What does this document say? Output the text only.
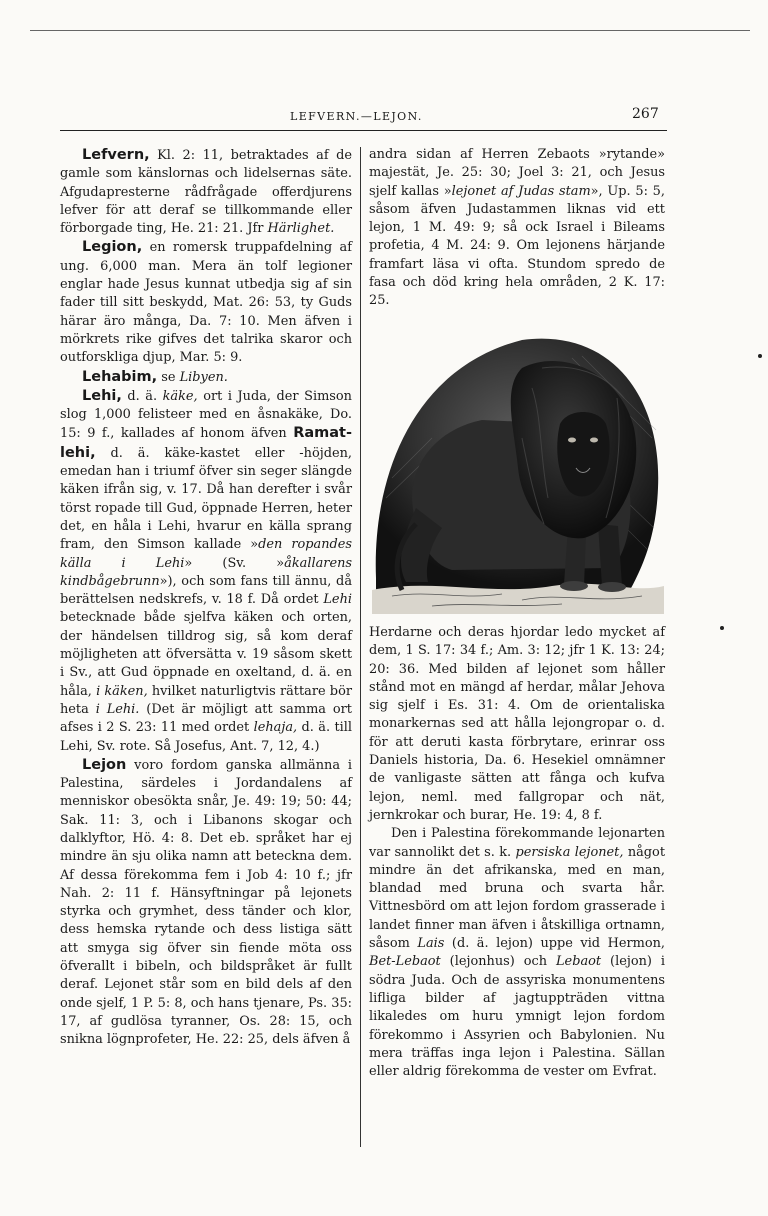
LEFVERN.—LEJON.	267

Lefvern, Kl. 2: 11, betraktades af de gamle som känslornas och lidelsernas säte. Afgudapresterne rådfrågade offerdjurens lefver för att deraf se tillkommande eller förborgade ting, He. 21: 21. Jfr Härlighet.

Legion, en romersk truppafdelning af ung. 6,000 man. Mera än tolf legioner englar hade Jesus kunnat utbedja sig af sin fader till sitt beskydd, Mat. 26: 53, ty Guds härar äro många, Da. 7: 10. Men äfven i mörkrets rike gifves det talrika skaror och outforskliga djup, Mar. 5: 9.

Lehabim, se Libyen.

Lehi, d. ä. käke, ort i Juda, der Simson slog 1,000 felisteer med en åsnakäke, Do. 15: 9 f., kallades af honom äfven Ramat-lehi, d. ä. käke-kastet eller -höjden, emedan han i triumf öfver sin seger slängde käken ifrån sig, v. 17. Då han derefter i svår törst ropade till Gud, öppnade Herren, heter det, en håla i Lehi, hvarur en källa sprang fram, den Simson kallade »den ropandes källa i Lehi» (Sv. »åkallarens kindbågebrunn»), och som fans till ännu, då berättelsen nedskrefs, v. 18 f. Då ordet Lehi betecknade både sjelfva käken och orten, der händelsen tilldrog sig, så kom deraf möjligheten att öfversätta v. 19 såsom skett i Sv., att Gud öppnade en oxeltand, d. ä. en håla, i käken, hvilket naturligtvis rättare bör heta i Lehi. (Det är möjligt att samma ort afses i 2 S. 23: 11 med ordet lehaja, d. ä. till Lehi, Sv. rote. Så Josefus, Ant. 7, 12, 4.)

Lejon voro fordom ganska allmänna i Palestina, särdeles i Jordandalens af menniskor obesökta snår, Je. 49: 19; 50: 44; Sak. 11: 3, och i Libanons skogar och dalklyftor, Hö. 4: 8. Det eb. språket har ej mindre än sju olika namn att beteckna dem. Af dessa förekomma fem i Job 4: 10 f.; jfr Nah. 2: 11 f. Hänsyftningar på lejonets styrka och grymhet, dess tänder och klor, dess hemska rytande och dess listiga sätt att smyga sig öfver sin fiende möta oss öfverallt i bibeln, och bildspråket är fullt deraf. Lejonet står som en bild dels af den onde sjelf, 1 P. 5: 8, och hans tjenare, Ps. 35: 17, af gudlösa tyranner, Os. 28: 15, och snikna lögnprofeter, He. 22: 25, dels äfven å

andra sidan af Herren Zebaots »rytande» majestät, Je. 25: 30; Joel 3: 21, och Jesus sjelf kallas »lejonet af Judas stam», Up. 5: 5, såsom äfven Judastammen liknas vid ett lejon, 1 M. 49: 9; så ock Israel i Bileams profetia, 4 M. 24: 9. Om lejonens härjande framfart läsa vi ofta. Stundom spredo de fasa och död kring hela områden, 2 K. 17: 25.

Herdarne och deras hjordar ledo mycket af dem, 1 S. 17: 34 f.; Am. 3: 12; jfr 1 K. 13: 24; 20: 36. Med bilden af lejonet som håller stånd mot en mängd af herdar, målar Jehova sig sjelf i Es. 31: 4. Om de orientaliska monarkernas sed att hålla lejongropar o. d. för att deruti kasta förbrytare, erinrar oss Daniels historia, Da. 6. Hesekiel omnämner de vanligaste sätten att fånga och kufva lejon, neml. med fallgropar och nät, jernkrokar och burar, He. 19: 4, 8 f.

Den i Palestina förekommande lejonarten var sannolikt det s. k. persiska lejonet, något mindre än det afrikanska, med en man, blandad med bruna och svarta hår. Vittnesbörd om att lejon fordom grasserade i landet finner man äfven i åtskilliga ortnamn, såsom Lais (d. ä. lejon) uppe vid Hermon, Bet-Lebaot (lejonhus) och Lebaot (lejon) i södra Juda. Och de assyriska monumentens lifliga bilder af jagtuppträden vittna likaledes om huru ymnigt lejon fordom förekommo i Assyrien och Babylonien. Nu mera träffas inga lejon i Palestina. Sällan eller aldrig förekomma de vester om Evfrat.
